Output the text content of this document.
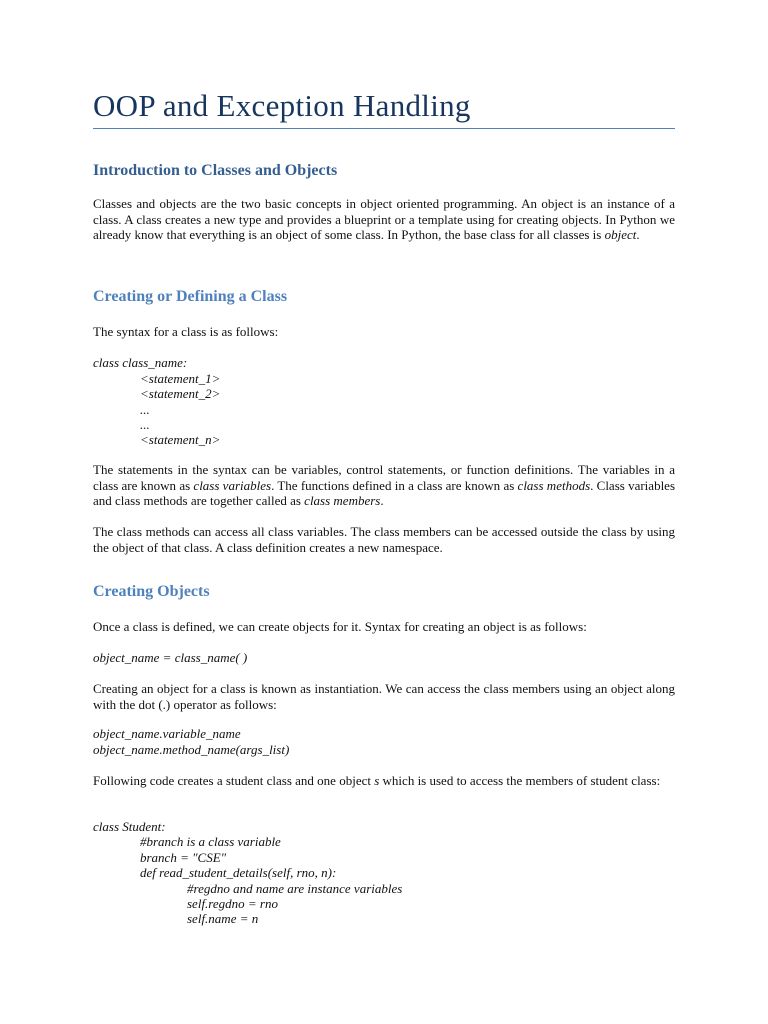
OOP and Exception Handling
Introduction to Classes and Objects

Classes and objects are the two basic concepts in object oriented programming. An object is an instance of a class. A class creates a new type and provides a blueprint or a template using for creating objects. In Python we already know that everything is an object of some class. In Python, the base class for all classes is object.

Creating or Defining a Class

The syntax for a class is as follows:

class class_name:

<statement_1>

<statement_2>

...

...

<statement_n>

The statements in the syntax can be variables, control statements, or function definitions. The variables in a class are known as class variables. The functions defined in a class are known as class methods. Class variables and class methods are together called as class members.

The class methods can access all class variables. The class members can be accessed outside the class by using the object of that class. A class definition creates a new namespace.

Creating Objects

Once a class is defined, we can create objects for it. Syntax for creating an object is as follows:

object_name = class_name( )

Creating an object for a class is known as instantiation. We can access the class members using an object along with the dot (.) operator as follows:

object_name.variable_name

object_name.method_name(args_list)

Following code creates a student class and one object s which is used to access the members of student class:

class Student:

#branch is a class variable

branch = "CSE"

def read_student_details(self, rno, n):

#regdno and name are instance variables

self.regdno = rno

self.name = n
